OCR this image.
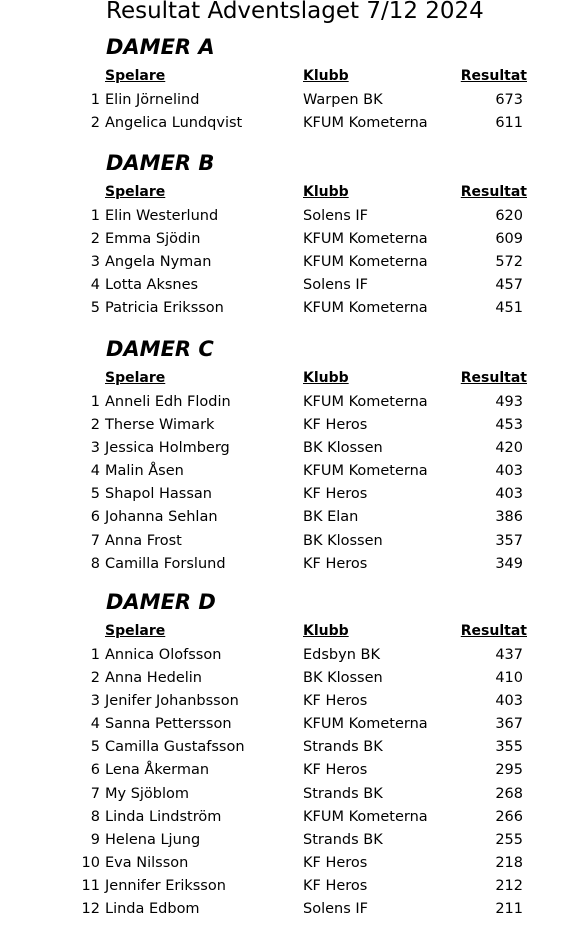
Resultat Adventslaget 7/12 2024
DAMER A
Spelare	Klubb	Resultat
1 Elin Jörnelind	Warpen BK	673
2 Angelica Lundqvist	KFUM Kometerna	611
DAMER B
Spelare	Klubb	Resultat
1 Elin Westerlund	Solens IF	620
2 Emma Sjödin	KFUM Kometerna	609
3 Angela Nyman	KFUM Kometerna	572
4 Lotta Aksnes	Solens IF	457
5 Patricia Eriksson	KFUM Kometerna	451
DAMER C
Spelare	Klubb	Resultat
1 Anneli Edh Flodin	KFUM Kometerna	493
2 Therse Wimark	KF Heros	453
3 Jessica Holmberg	BK Klossen	420
4 Malin Åsen	KFUM Kometerna	403
5 Shapol Hassan	KF Heros	403
6 Johanna Sehlan	BK Elan	386
7 Anna Frost	BK Klossen	357
8 Camilla Forslund	KF Heros	349
DAMER D
Spelare	Klubb	Resultat
1 Annica Olofsson	Edsbyn BK	437
2 Anna Hedelin	BK Klossen	410
3 Jenifer Johanbsson	KF Heros	403
4 Sanna Pettersson	KFUM Kometerna	367
5 Camilla Gustafsson	Strands BK	355
6 Lena Åkerman	KF Heros	295
7 My Sjöblom	Strands BK	268
8 Linda Lindström	KFUM Kometerna	266
9 Helena Ljung	Strands BK	255
10 Eva Nilsson	KF Heros	218
11 Jennifer Eriksson	KF Heros	212
12 Linda Edbom	Solens IF	211
